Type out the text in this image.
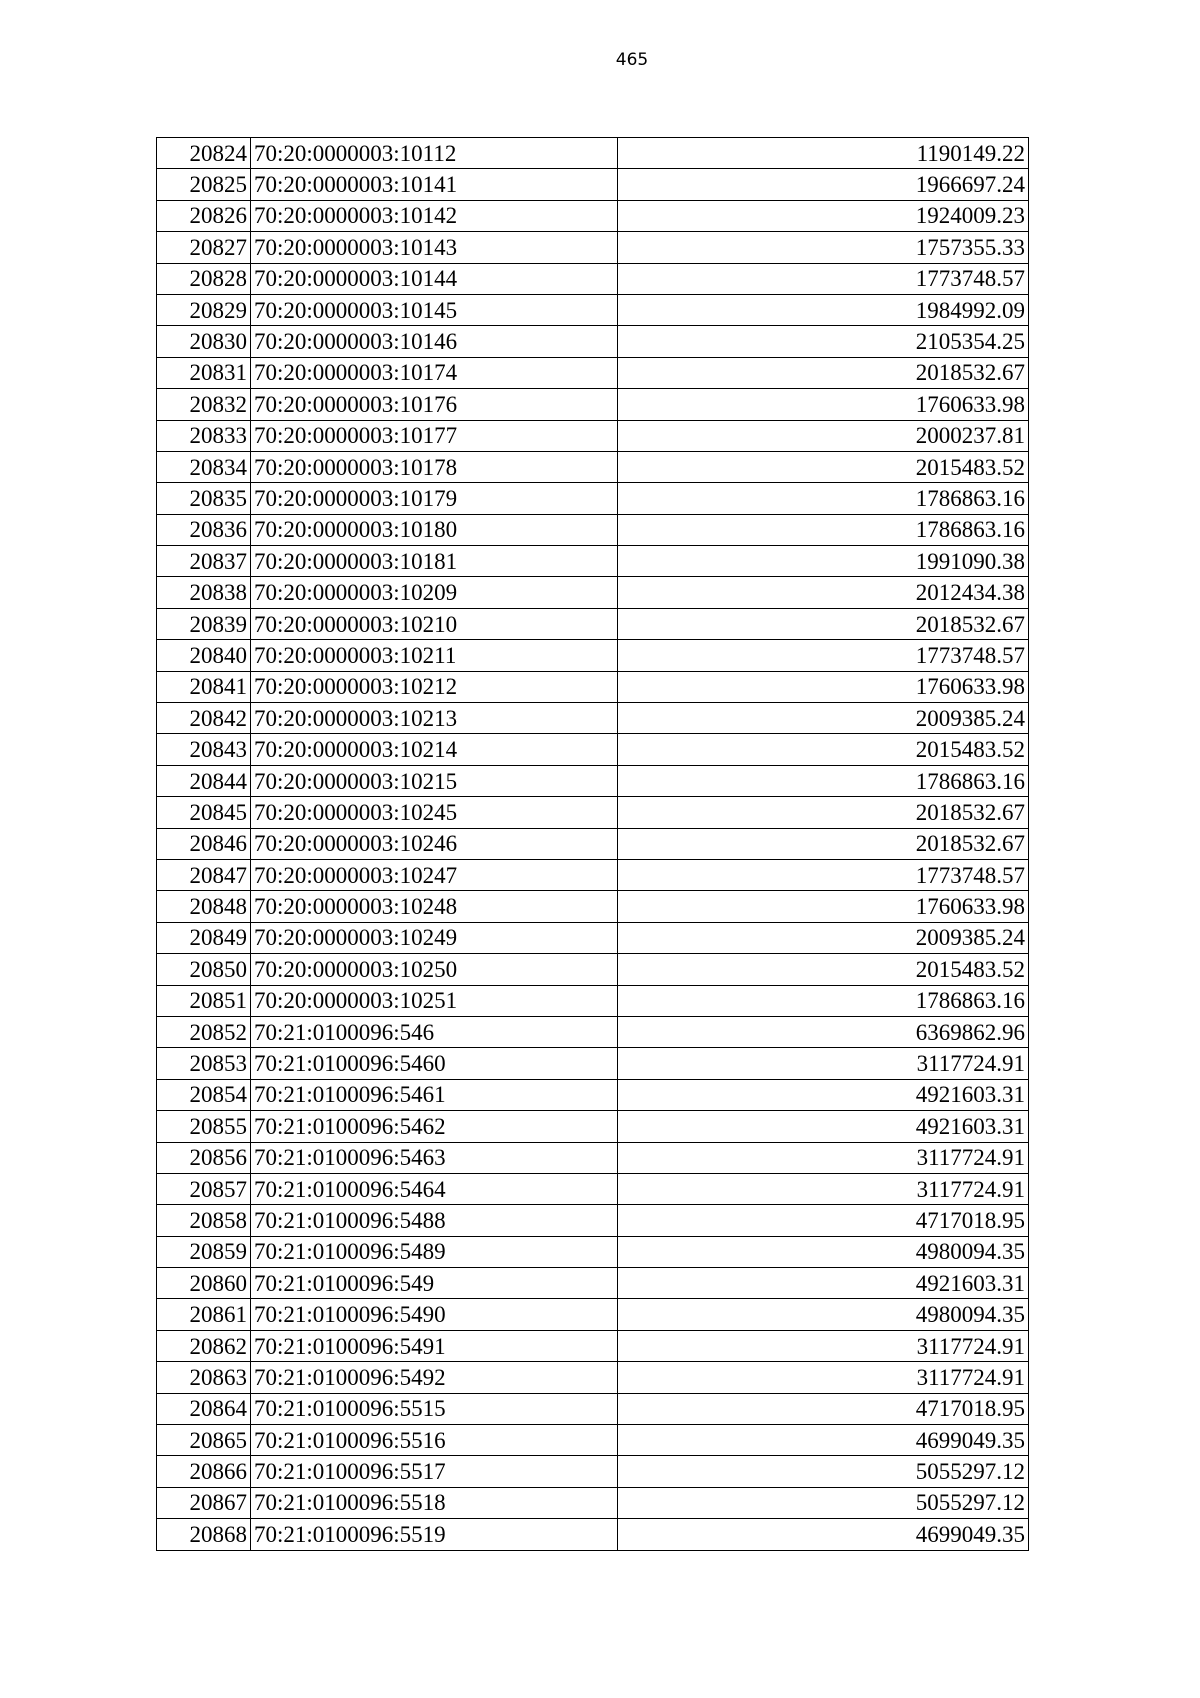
465
20824	70:20:0000003:10112	1190149.22
20825	70:20:0000003:10141	1966697.24
20826	70:20:0000003:10142	1924009.23
20827	70:20:0000003:10143	1757355.33
20828	70:20:0000003:10144	1773748.57
20829	70:20:0000003:10145	1984992.09
20830	70:20:0000003:10146	2105354.25
20831	70:20:0000003:10174	2018532.67
20832	70:20:0000003:10176	1760633.98
20833	70:20:0000003:10177	2000237.81
20834	70:20:0000003:10178	2015483.52
20835	70:20:0000003:10179	1786863.16
20836	70:20:0000003:10180	1786863.16
20837	70:20:0000003:10181	1991090.38
20838	70:20:0000003:10209	2012434.38
20839	70:20:0000003:10210	2018532.67
20840	70:20:0000003:10211	1773748.57
20841	70:20:0000003:10212	1760633.98
20842	70:20:0000003:10213	2009385.24
20843	70:20:0000003:10214	2015483.52
20844	70:20:0000003:10215	1786863.16
20845	70:20:0000003:10245	2018532.67
20846	70:20:0000003:10246	2018532.67
20847	70:20:0000003:10247	1773748.57
20848	70:20:0000003:10248	1760633.98
20849	70:20:0000003:10249	2009385.24
20850	70:20:0000003:10250	2015483.52
20851	70:20:0000003:10251	1786863.16
20852	70:21:0100096:546	6369862.96
20853	70:21:0100096:5460	3117724.91
20854	70:21:0100096:5461	4921603.31
20855	70:21:0100096:5462	4921603.31
20856	70:21:0100096:5463	3117724.91
20857	70:21:0100096:5464	3117724.91
20858	70:21:0100096:5488	4717018.95
20859	70:21:0100096:5489	4980094.35
20860	70:21:0100096:549	4921603.31
20861	70:21:0100096:5490	4980094.35
20862	70:21:0100096:5491	3117724.91
20863	70:21:0100096:5492	3117724.91
20864	70:21:0100096:5515	4717018.95
20865	70:21:0100096:5516	4699049.35
20866	70:21:0100096:5517	5055297.12
20867	70:21:0100096:5518	5055297.12
20868	70:21:0100096:5519	4699049.35
